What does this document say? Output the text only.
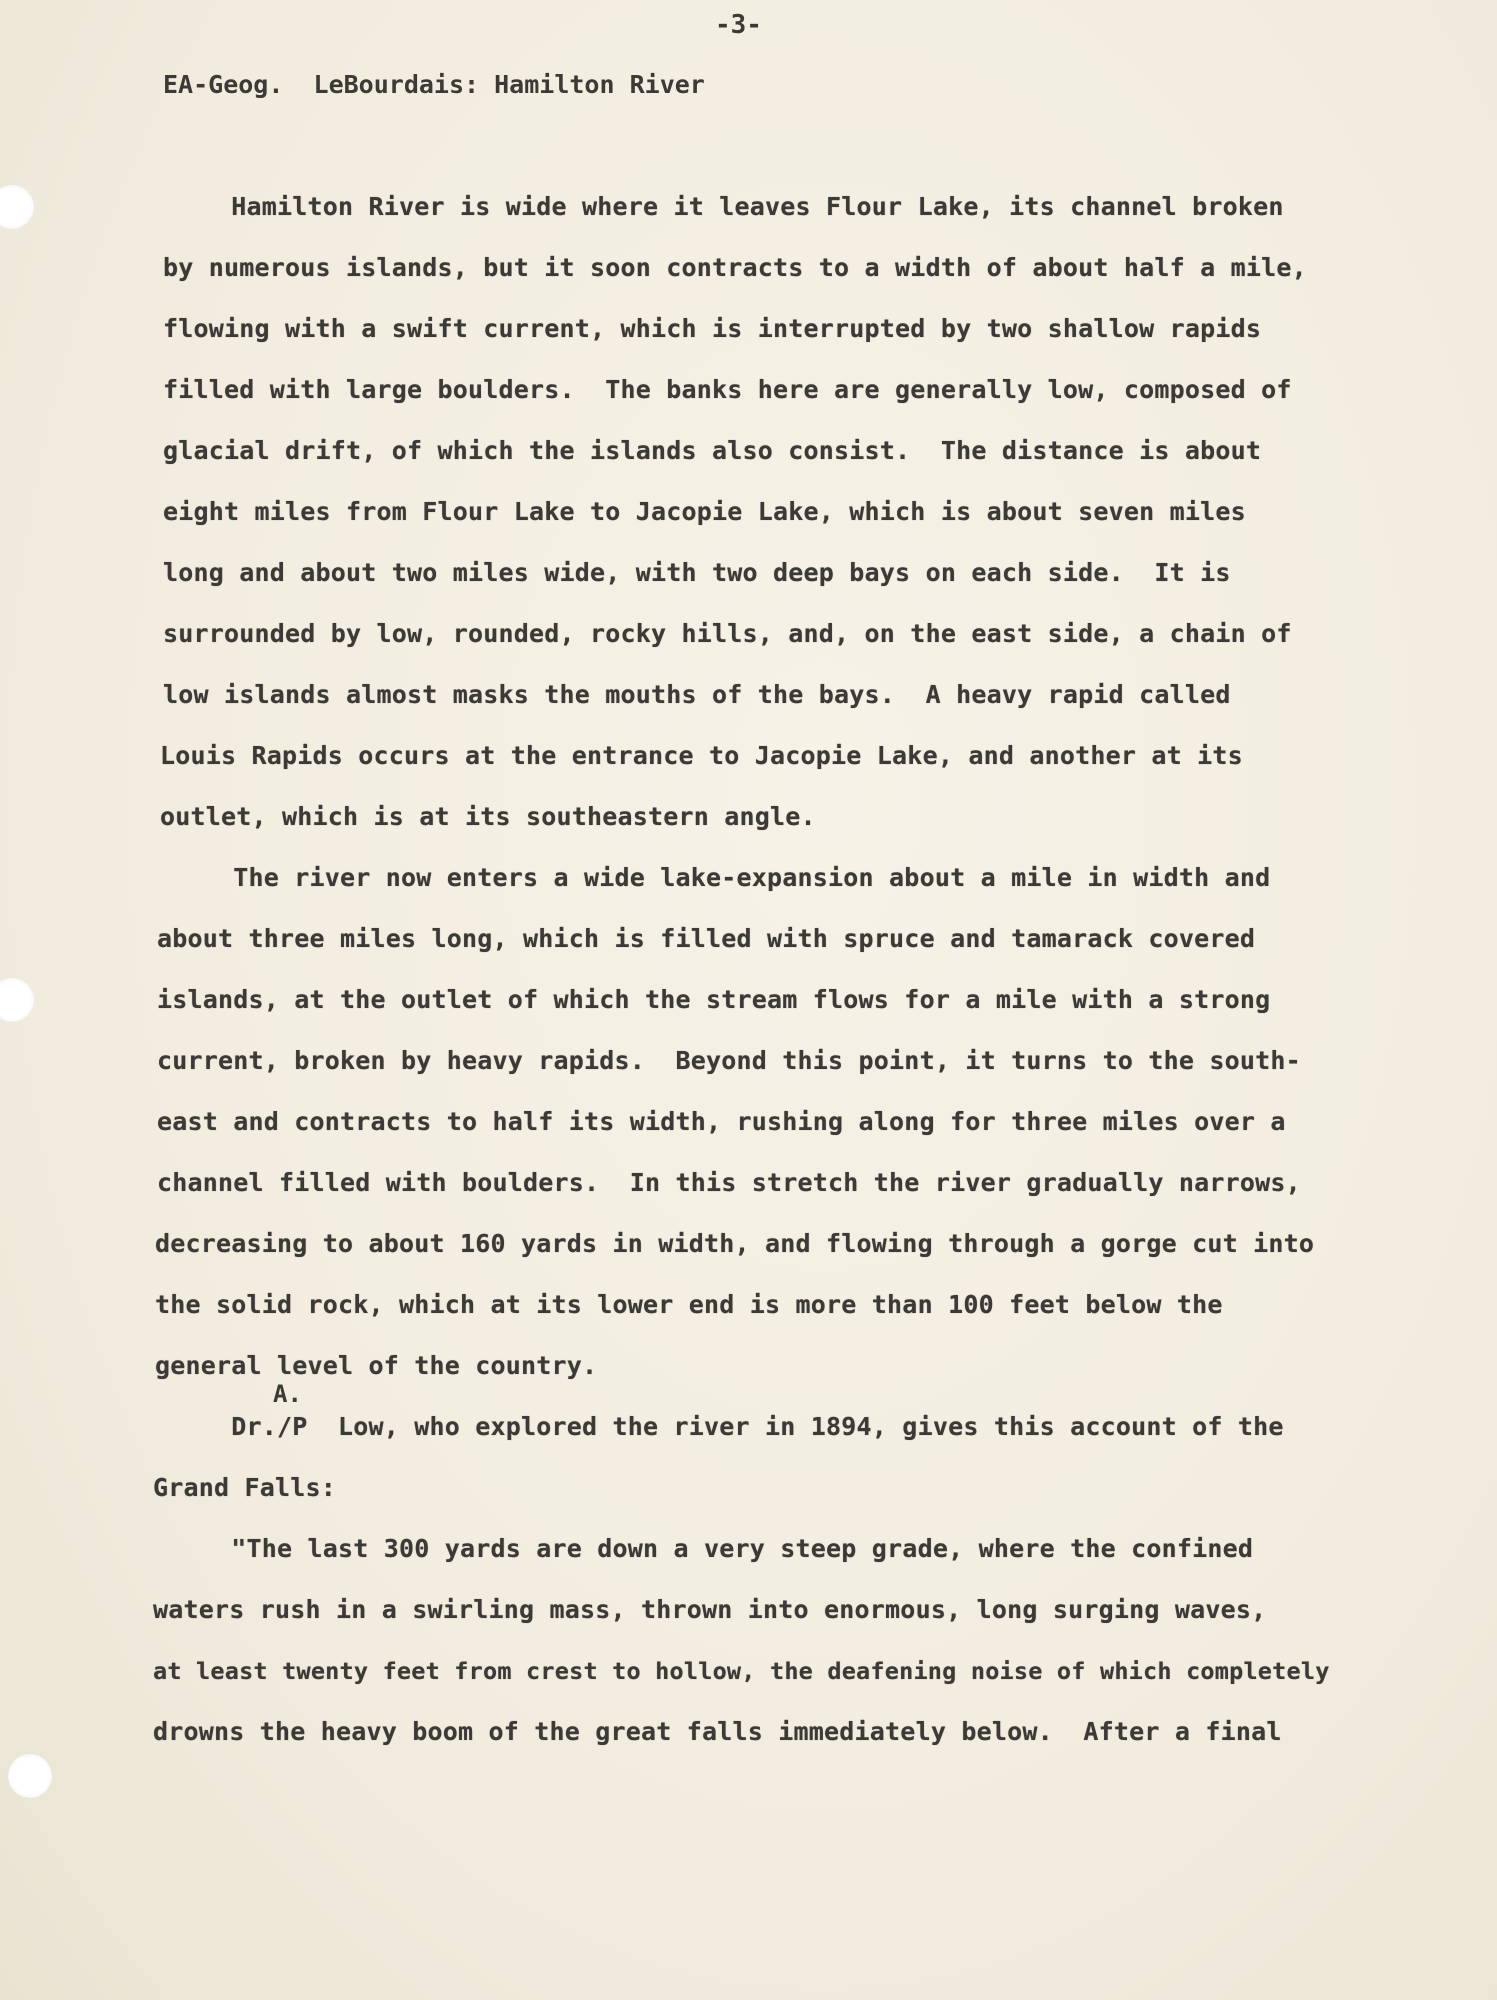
-3-
EA-Geog.  LeBourdais: Hamilton River
Hamilton River is wide where it leaves Flour Lake, its channel broken
by numerous islands, but it soon contracts to a width of about half a mile,
flowing with a swift current, which is interrupted by two shallow rapids
filled with large boulders.  The banks here are generally low, composed of
glacial drift, of which the islands also consist.  The distance is about
eight miles from Flour Lake to Jacopie Lake, which is about seven miles
long and about two miles wide, with two deep bays on each side.  It is
surrounded by low, rounded, rocky hills, and, on the east side, a chain of
low islands almost masks the mouths of the bays.  A heavy rapid called
Louis Rapids occurs at the entrance to Jacopie Lake, and another at its
outlet, which is at its southeastern angle.
The river now enters a wide lake-expansion about a mile in width and
about three miles long, which is filled with spruce and tamarack covered
islands, at the outlet of which the stream flows for a mile with a strong
current, broken by heavy rapids.  Beyond this point, it turns to the south-
east and contracts to half its width, rushing along for three miles over a
channel filled with boulders.  In this stretch the river gradually narrows,
decreasing to about 160 yards in width, and flowing through a gorge cut into
the solid rock, which at its lower end is more than 100 feet below the
general level of the country.
A.
Dr./P  Low, who explored the river in 1894, gives this account of the
Grand Falls:
"The last 300 yards are down a very steep grade, where the confined
waters rush in a swirling mass, thrown into enormous, long surging waves,
at least twenty feet from crest to hollow, the deafening noise of which completely
drowns the heavy boom of the great falls immediately below.  After a final
